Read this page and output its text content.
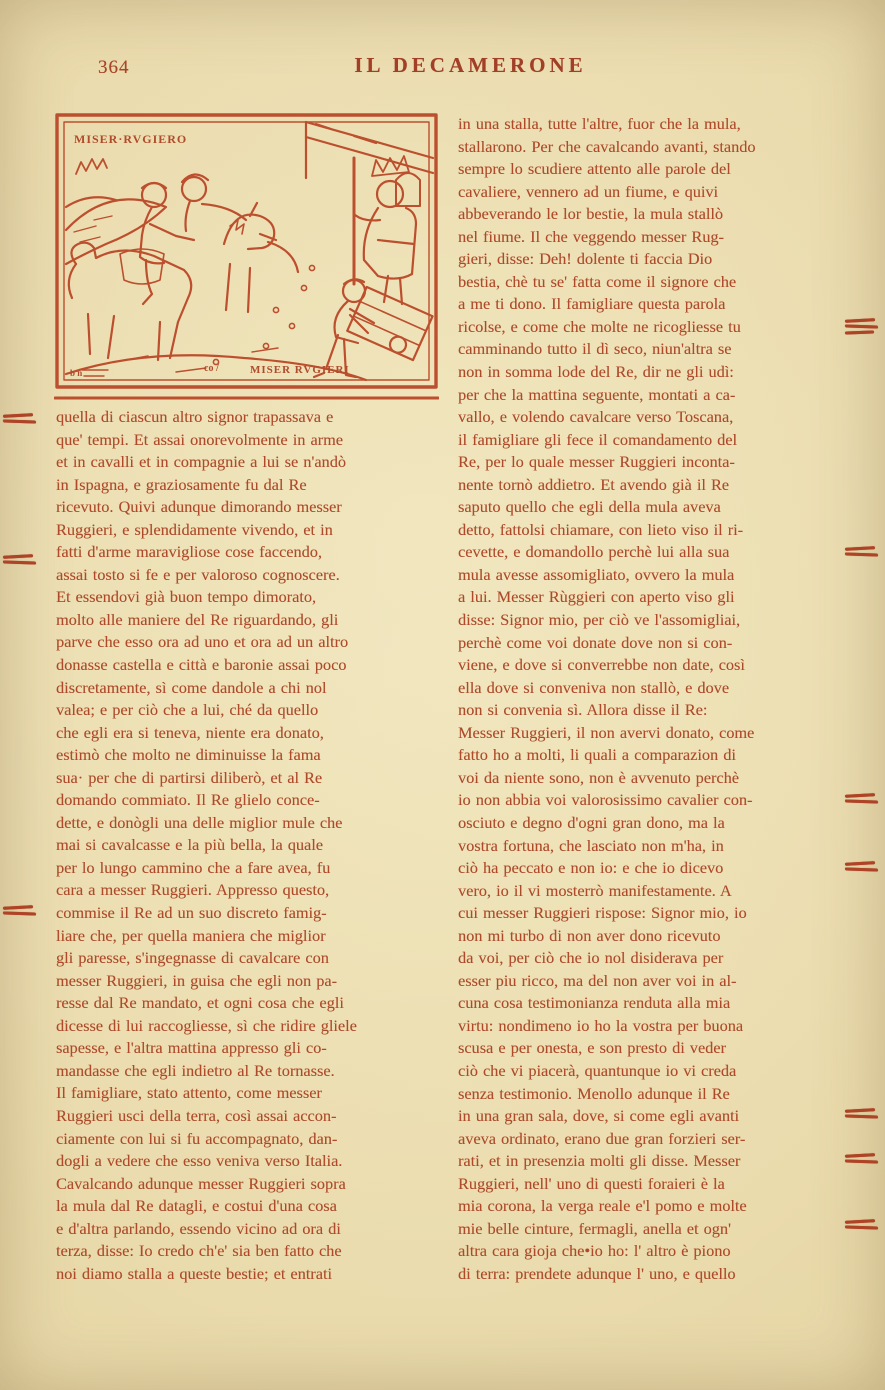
364	IL DECAMERONE
MISER·RVGIERO
co /	MISER RVGIERI
b n
quella di ciascun altro signor trapassava e
que' tempi. Et assai onorevolmente in arme
et in cavalli et in compagnie a lui se n'andò
in Ispagna, e graziosamente fu dal Re
ricevuto. Quivi adunque dimorando messer
Ruggieri, e splendidamente vivendo, et in
fatti d'arme maravigliose cose faccendo,
assai tosto si fe e per valoroso cognoscere.
Et essendovi già buon tempo dimorato,
molto alle maniere del Re riguardando, gli
parve che esso ora ad uno et ora ad un altro
donasse castella e città e baronie assai poco
discretamente, sì come dandole a chi nol
valea; e per ciò che a lui, ché da quello
che egli era si teneva, niente era donato,
estimò che molto ne diminuisse la fama
sua· per che di partirsi diliberò, et al Re
domando commiato. Il Re glielo conce-
dette, e donògli una delle miglior mule che
mai si cavalcasse e la più bella, la quale
per lo lungo cammino che a fare avea, fu
cara a messer Ruggieri. Appresso questo,
commise il Re ad un suo discreto famig-
liare che, per quella maniera che miglior
gli paresse, s'ingegnasse di cavalcare con
messer Ruggieri, in guisa che egli non pa-
resse dal Re mandato, et ogni cosa che egli
dicesse di lui raccogliesse, sì che ridire gliele
sapesse, e l'altra mattina appresso gli co-
mandasse che egli indietro al Re tornasse.
Il famigliare, stato attento, come messer
Ruggieri usci della terra, così assai accon-
ciamente con lui si fu accompagnato, dan-
dogli a vedere che esso veniva verso Italia.
Cavalcando adunque messer Ruggieri sopra
la mula dal Re datagli, e costui d'una cosa
e d'altra parlando, essendo vicino ad ora di
terza, disse: Io credo ch'e' sia ben fatto che
noi diamo stalla a queste bestie; et entrati
in una stalla, tutte l'altre, fuor che la mula,
stallarono. Per che cavalcando avanti, stando
sempre lo scudiere attento alle parole del
cavaliere, vennero ad un fiume, e quivi
abbeverando le lor bestie, la mula stallò
nel fiume. Il che veggendo messer Rug-
gieri, disse: Deh! dolente ti faccia Dio
bestia, chè tu se' fatta come il signore che
a me ti dono. Il famigliare questa parola
ricolse, e come che molte ne ricogliesse tu
camminando tutto il dì seco, niun'altra se
non in somma lode del Re, dir ne gli udì:
per che la mattina seguente, montati a ca-
vallo, e volendo cavalcare verso Toscana,
il famigliare gli fece il comandamento del
Re, per lo quale messer Ruggieri inconta-
nente tornò addietro. Et avendo già il Re
saputo quello che egli della mula aveva
detto, fattolsi chiamare, con lieto viso il ri-
cevette, e domandollo perchè lui alla sua
mula avesse assomigliato, ovvero la mula
a lui. Messer Rùggieri con aperto viso gli
disse: Signor mio, per ciò ve l'assomigliai,
perchè come voi donate dove non si con-
viene, e dove si converrebbe non date, così
ella dove si conveniva non stallò, e dove
non si convenia sì. Allora disse il Re:
Messer Ruggieri, il non avervi donato, come
fatto ho a molti, li quali a comparazion di
voi da niente sono, non è avvenuto perchè
io non abbia voi valorosissimo cavalier con-
osciuto e degno d'ogni gran dono, ma la
vostra fortuna, che lasciato non m'ha, in
ciò ha peccato e non io: e che io dicevo
vero, io il vi mosterrò manifestamente. A
cui messer Ruggieri rispose: Signor mio, io
non mi turbo di non aver dono ricevuto
da voi, per ciò che io nol disiderava per
esser piu ricco, ma del non aver voi in al-
cuna cosa testimonianza renduta alla mia
virtu: nondimeno io ho la vostra per buona
scusa e per onesta, e son presto di veder
ciò che vi piacerà, quantunque io vi creda
senza testimonio. Menollo adunque il Re
in una gran sala, dove, si come egli avanti
aveva ordinato, erano due gran forzieri ser-
rati, et in presenzia molti gli disse. Messer
Ruggieri, nell' uno di questi foraieri è la
mia corona, la verga reale e'l pomo e molte
mie belle cinture, fermagli, anella et ogn'
altra cara gioja che•io ho: l' altro è piono
di terra: prendete adunque l' uno, e quello
